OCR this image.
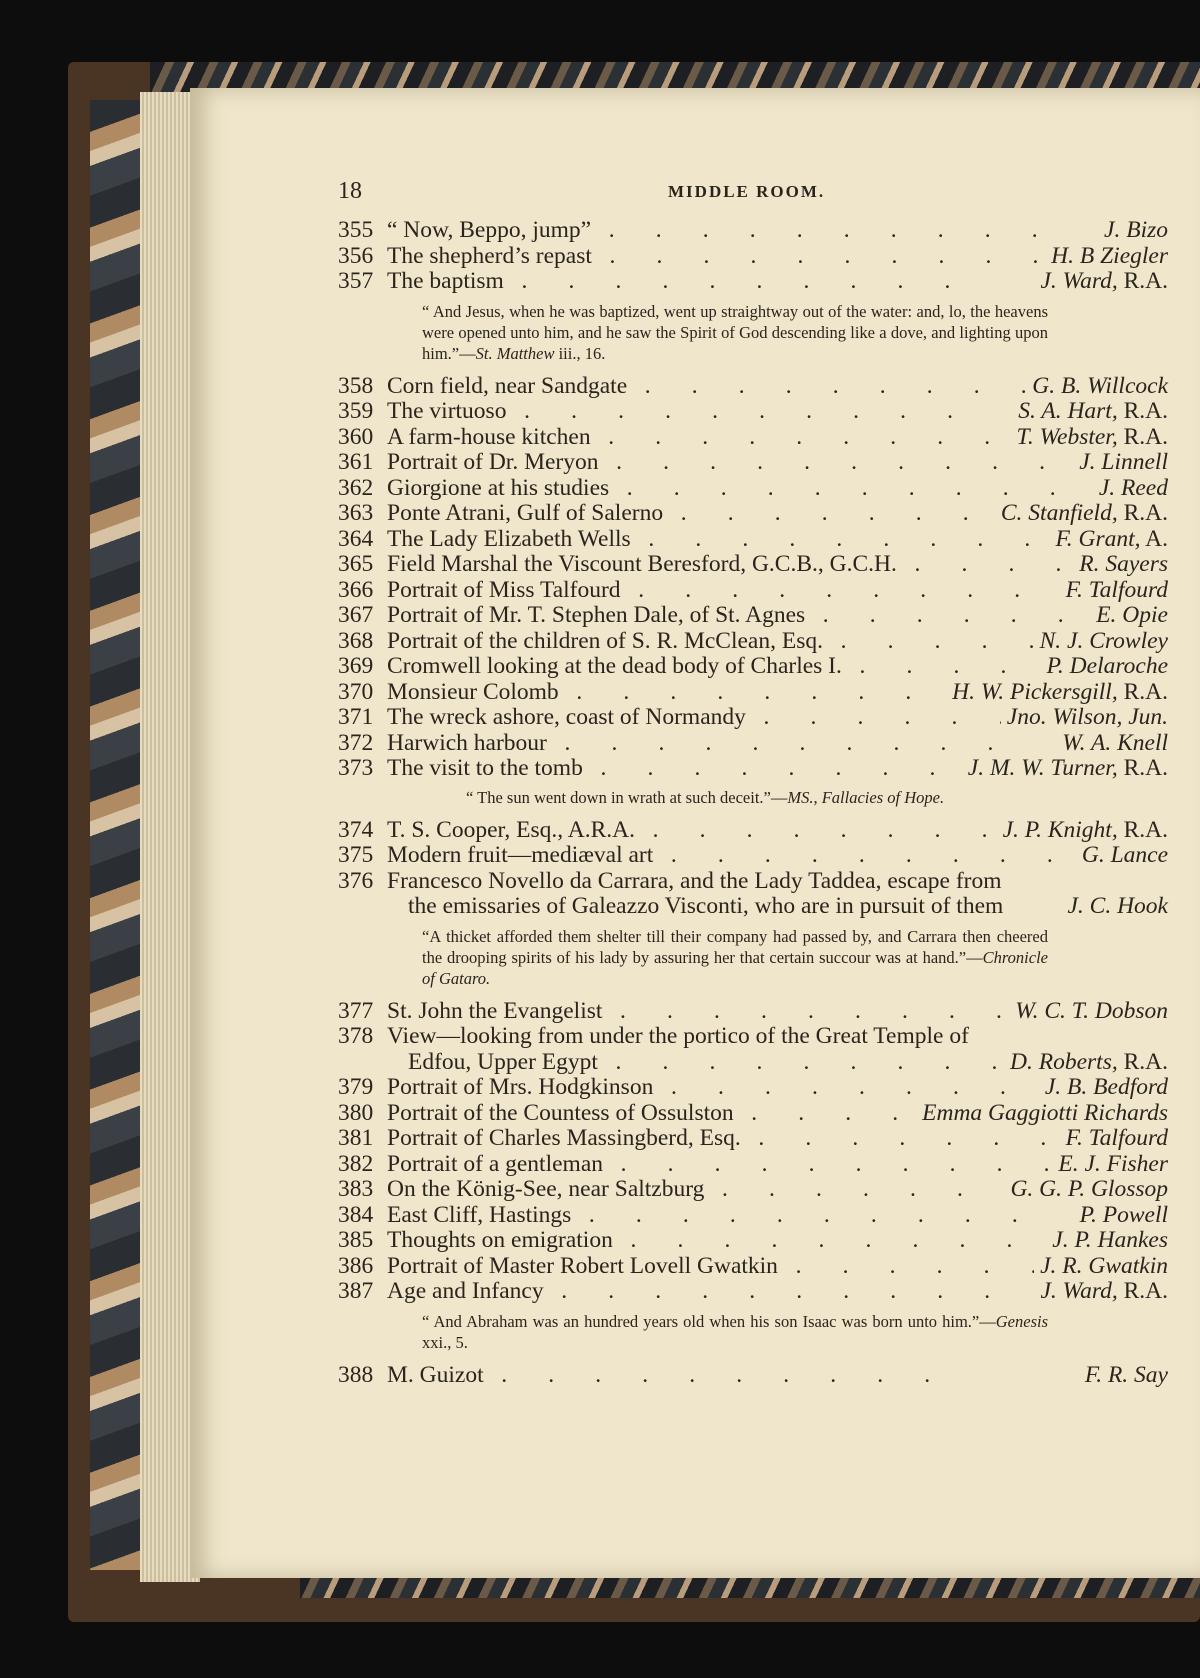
18	MIDDLE ROOM.
355 “ Now, Beppo, jump” .	J. Bizo
356 The shepherd’s repast .	H. B Ziegler
357 The baptism .	J. Ward, R.A.
“ And Jesus, when he was baptized, went up straightway out of the water: and, lo, the heavens were opened unto him, and he saw the Spirit of God descending like a dove, and lighting upon him.”—St. Matthew iii., 16.
358 Corn field, near Sandgate .	G. B. Willcock
359 The virtuoso .	S. A. Hart, R.A.
360 A farm-house kitchen .	T. Webster, R.A.
361 Portrait of Dr. Meryon .	J. Linnell
362 Giorgione at his studies .	J. Reed
363 Ponte Atrani, Gulf of Salerno .	C. Stanfield, R.A.
364 The Lady Elizabeth Wells .	F. Grant, A.
365 Field Marshal the Viscount Beresford, G.C.B., G.C.H. .	R. Sayers
366 Portrait of Miss Talfourd .	F. Talfourd
367 Portrait of Mr. T. Stephen Dale, of St. Agnes .	E. Opie
368 Portrait of the children of S. R. McClean, Esq. .	N. J. Crowley
369 Cromwell looking at the dead body of Charles I. .	P. Delaroche
370 Monsieur Colomb .	H. W. Pickersgill, R.A.
371 The wreck ashore, coast of Normandy .	Jno. Wilson, Jun.
372 Harwich harbour .	W. A. Knell
373 The visit to the tomb .	J. M. W. Turner, R.A.
“ The sun went down in wrath at such deceit.”—MS., Fallacies of Hope.
374 T. S. Cooper, Esq., A.R.A. .	J. P. Knight, R.A.
375 Modern fruit—mediæval art .	G. Lance
376 Francesco Novello da Carrara, and the Lady Taddea, escape from
the emissaries of Galeazzo Visconti, who are in pursuit of them	J. C. Hook
“A thicket afforded them shelter till their company had passed by, and Carrara then cheered the drooping spirits of his lady by assuring her that certain succour was at hand.”—Chronicle of Gataro.
377 St. John the Evangelist .	W. C. T. Dobson
378 View—looking from under the portico of the Great Temple of
Edfou, Upper Egypt .	D. Roberts, R.A.
379 Portrait of Mrs. Hodgkinson .	J. B. Bedford
380 Portrait of the Countess of Ossulston .	Emma Gaggiotti Richards
381 Portrait of Charles Massingberd, Esq. .	F. Talfourd
382 Portrait of a gentleman .	E. J. Fisher
383 On the König-See, near Saltzburg .	G. G. P. Glossop
384 East Cliff, Hastings .	P. Powell
385 Thoughts on emigration .	J. P. Hankes
386 Portrait of Master Robert Lovell Gwatkin .	J. R. Gwatkin
387 Age and Infancy .	J. Ward, R.A.
“ And Abraham was an hundred years old when his son Isaac was born unto him.”—Genesis xxi., 5.
388 M. Guizot .	F. R. Say
